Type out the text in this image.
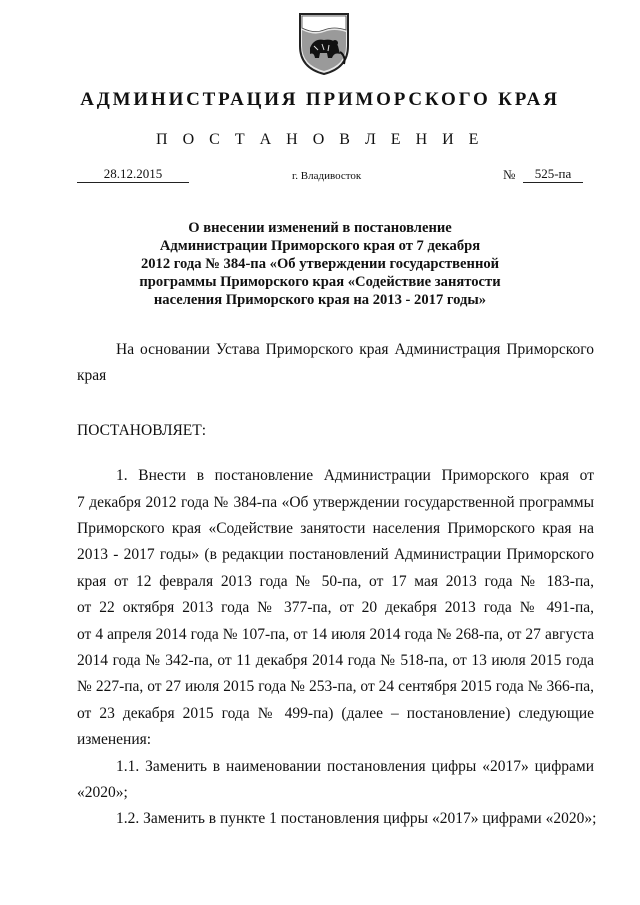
АДМИНИСТРАЦИЯ ПРИМОРСКОГО КРАЯ
П О С Т А Н О В Л Е Н И Е
28.12.2015	г. Владивосток	№	525-па
О внесении изменений в постановление
Администрации Приморского края от 7 декабря
2012 года № 384-па «Об утверждении государственной
программы Приморского края «Содействие занятости
населения Приморского края на 2013 - 2017 годы»
На основании Устава Приморского края Администрация Приморского
края
ПОСТАНОВЛЯЕТ:
1. Внести в постановление Администрации Приморского края от
7 декабря 2012 года № 384-па «Об утверждении государственной программы
Приморского края «Содействие занятости населения Приморского края на
2013 - 2017 годы» (в редакции постановлений Администрации Приморского
края от 12 февраля 2013 года № 50-па, от 17 мая 2013 года № 183-па,
от 22 октября 2013 года № 377-па, от 20 декабря 2013 года № 491-па,
от 4 апреля 2014 года № 107-па, от 14 июля 2014 года № 268-па, от 27 августа
2014 года № 342-па, от 11 декабря 2014 года № 518-па, от 13 июля 2015 года
№ 227-па, от 27 июля 2015 года № 253-па, от 24 сентября 2015 года № 366-па,
от 23 декабря 2015 года № 499-па) (далее – постановление) следующие
изменения:
1.1. Заменить в наименовании постановления цифры «2017» цифрами
«2020»;
1.2. Заменить в пункте 1 постановления цифры «2017» цифрами «2020»;
